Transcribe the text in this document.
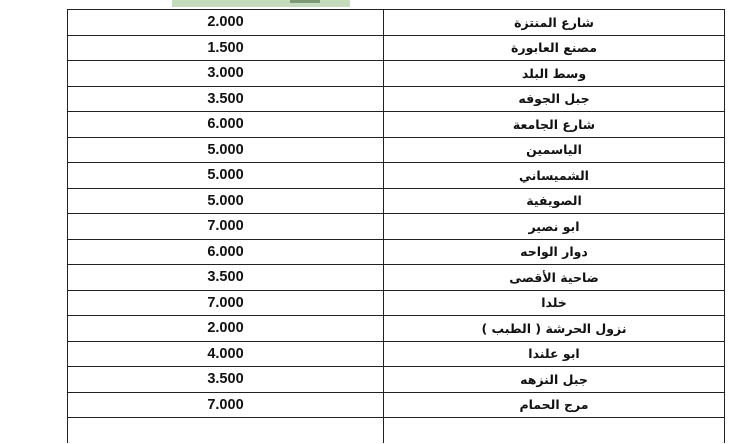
2.000	شارع المنتزة
1.500	مصنع العابورة
3.000	وسط البلد
3.500	جبل الجوفه
6.000	شارع الجامعة
5.000	الياسمين
5.000	الشميساني
5.000	الصويفية
7.000	ابو نصير
6.000	دوار الواحه
3.500	ضاحية الأقصى
7.000	خلدا
2.000	نزول الحرشة ( الطبب )
4.000	ابو علندا
3.500	جبل النزهه
7.000	مرج الحمام
